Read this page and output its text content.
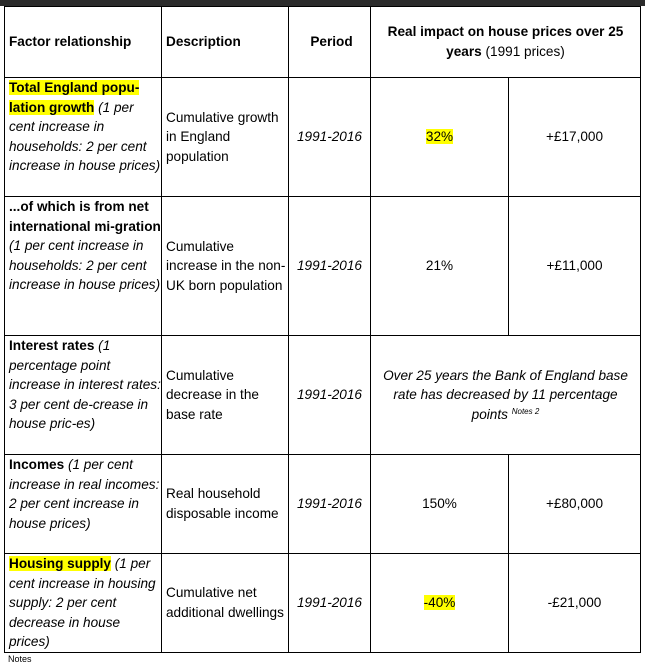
Factor relationship	Description	Period	Real impact on house prices over 25 years (1991 prices)	
Total England popu-lation growth (1 per cent increase in households: 2 per cent increase in house prices)	Cumulative growth in England population	1991-2016	32%	+£17,000
...of which is from net international mi-gration (1 per cent increase in households: 2 per cent increase in house prices)	Cumulative increase in the non-UK born population	1991-2016	21%	+£11,000
Interest rates (1 percentage point increase in interest rates: 3 per cent de-crease in house pric-es)	Cumulative decrease in the base rate	1991-2016	Over 25 years the Bank of England base rate has decreased by 11 percentage points $^{Notes 2}$
Incomes (1 per cent increase in real incomes: 2 per cent increase in house prices)	Real household disposable income	1991-2016	150%	+£80,000
Housing supply (1 per cent increase in housing supply: 2 per cent decrease in house prices)	Cumulative net additional dwellings	1991-2016	-40%	-£21,000
Notes
